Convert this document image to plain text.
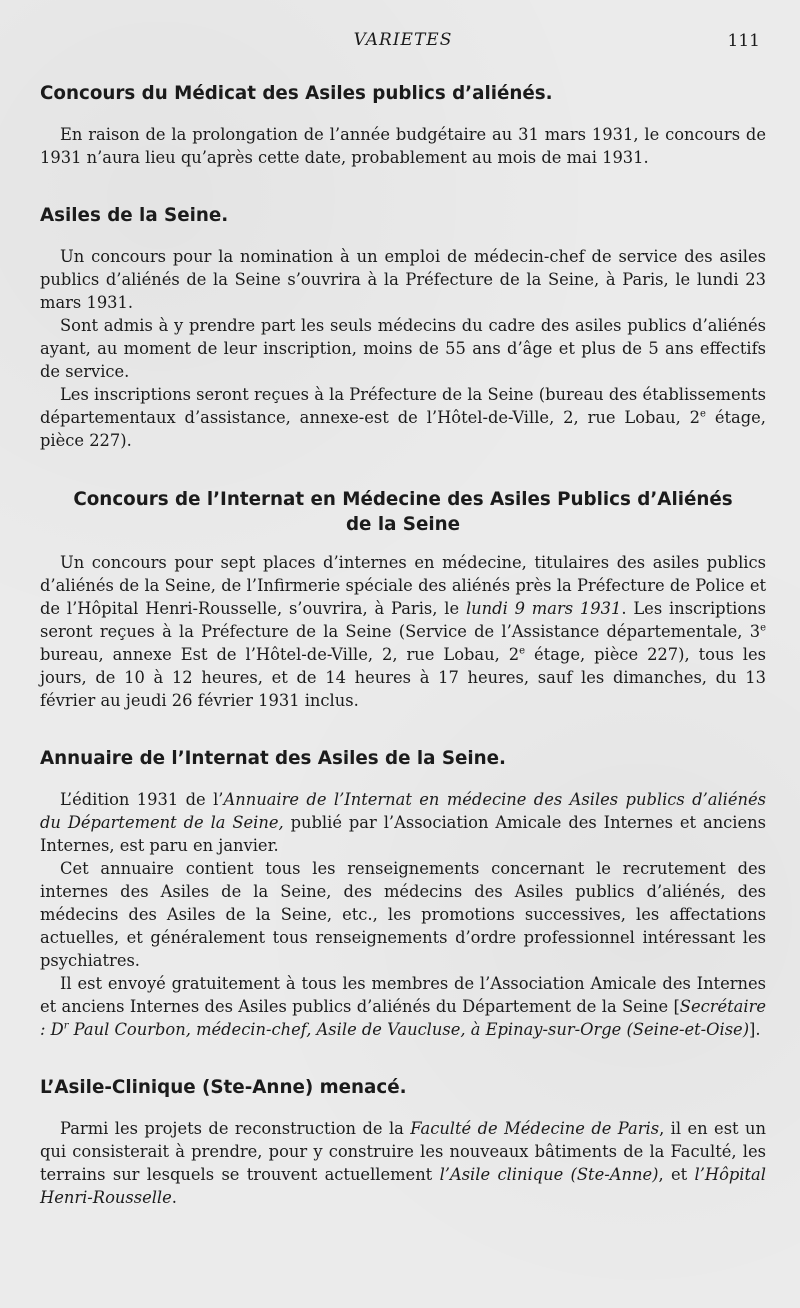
VARIETES	111
Concours du Médicat des Asiles publics d’aliénés.

En raison de la prolongation de l’année budgétaire au 31 mars 1931, le concours de 1931 n’aura lieu qu’après cette date, probablement au mois de mai 1931.

Asiles de la Seine.

Un concours pour la nomination à un emploi de médecin-chef de service des asiles publics d’aliénés de la Seine s’ouvrira à la Préfecture de la Seine, à Paris, le lundi 23 mars 1931.

Sont admis à y prendre part les seuls médecins du cadre des asiles publics d’aliénés ayant, au moment de leur inscription, moins de 55 ans d’âge et plus de 5 ans effectifs de service.

Les inscriptions seront reçues à la Préfecture de la Seine (bureau des établissements départementaux d’assistance, annexe-est de l’Hôtel-de-Ville, 2, rue Lobau, 2e étage, pièce 227).

Concours de l’Internat en Médecine des Asiles Publics d’Aliénés
de la Seine

Un concours pour sept places d’internes en médecine, titulaires des asiles publics d’aliénés de la Seine, de l’Infirmerie spéciale des aliénés près la Préfecture de Police et de l’Hôpital Henri-Rousselle, s’ouvrira, à Paris, le lundi 9 mars 1931. Les inscriptions seront reçues à la Préfecture de la Seine (Service de l’Assistance départementale, 3e bureau, annexe Est de l’Hôtel-de-Ville, 2, rue Lobau, 2e étage, pièce 227), tous les jours, de 10 à 12 heures, et de 14 heures à 17 heures, sauf les dimanches, du 13 février au jeudi 26 février 1931 inclus.

Annuaire de l’Internat des Asiles de la Seine.

L’édition 1931 de l’Annuaire de l’Internat en médecine des Asiles publics d’aliénés du Département de la Seine, publié par l’Association Amicale des Internes et anciens Internes, est paru en janvier.

Cet annuaire contient tous les renseignements concernant le recrutement des internes des Asiles de la Seine, des médecins des Asiles publics d’aliénés, des médecins des Asiles de la Seine, etc., les promotions successives, les affectations actuelles, et généralement tous renseignements d’ordre professionnel intéressant les psychiatres.

Il est envoyé gratuitement à tous les membres de l’Association Amicale des Internes et anciens Internes des Asiles publics d’aliénés du Département de la Seine [Secrétaire : $D^r$ Paul Courbon, médecin-chef, Asile de Vaucluse, à Epinay-sur-Orge (Seine-et-Oise)].

L’Asile-Clinique (Ste-Anne) menacé.

Parmi les projets de reconstruction de la Faculté de Médecine de Paris, il en est un qui consisterait à prendre, pour y construire les nouveaux bâtiments de la Faculté, les terrains sur lesquels se trouvent actuellement l’Asile clinique (Ste-Anne), et l’Hôpital Henri-Rousselle.
